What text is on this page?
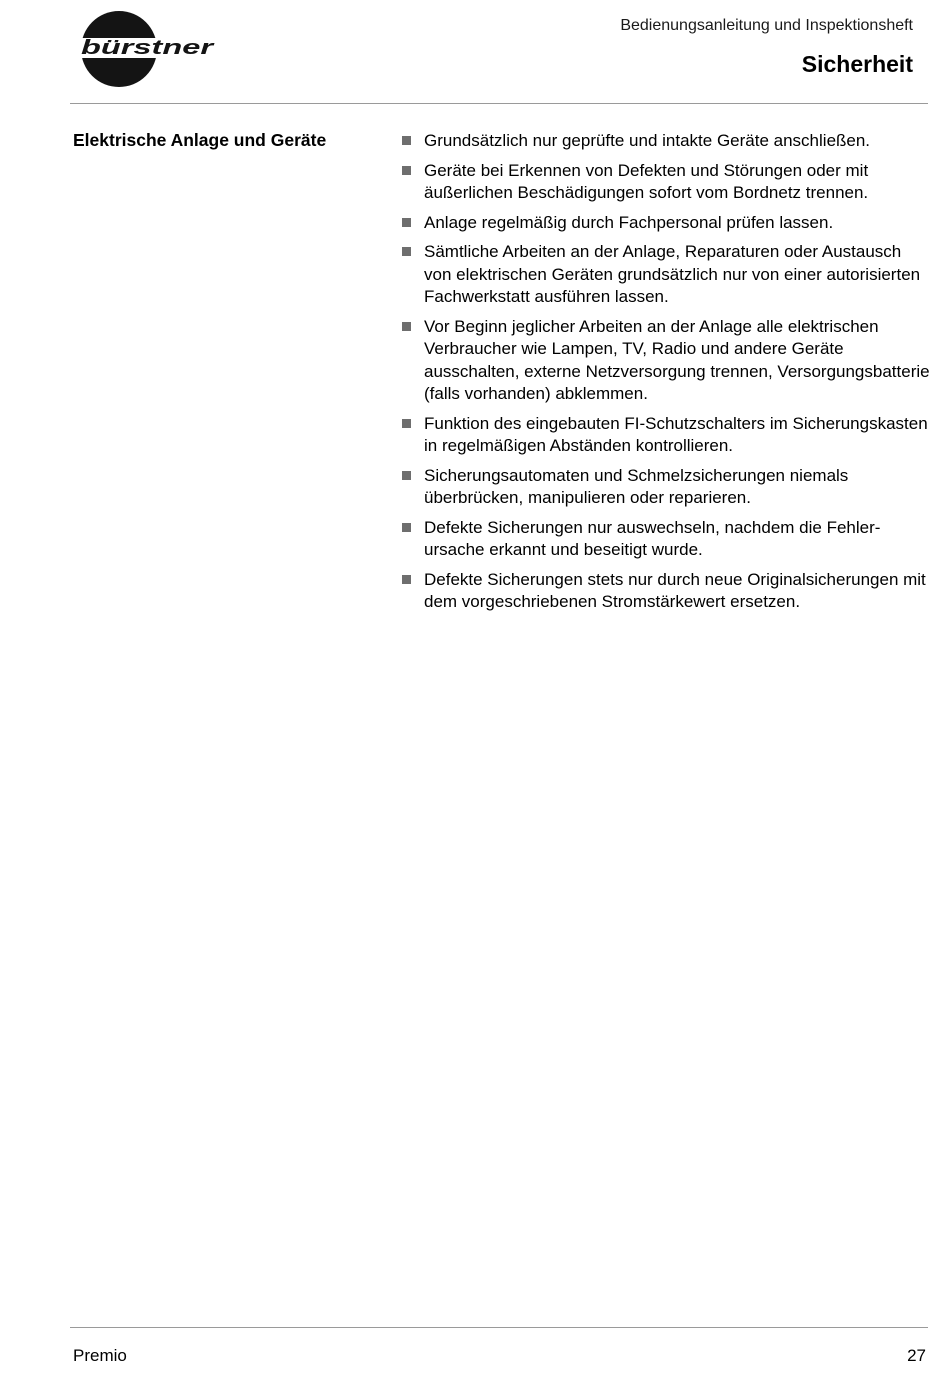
bürstner
Bedienungsanleitung und Inspektionsheft
Sicherheit
Elektrische Anlage und Geräte	Grundsätzlich nur geprüfte und intakte Geräte anschließen.
Geräte bei Erkennen von Defekten und Störungen oder mit äußerlichen Beschädigungen sofort vom Bordnetz trennen.
Anlage regelmäßig durch Fachpersonal prüfen lassen.
Sämtliche Arbeiten an der Anlage, Reparaturen oder Austausch von elektrischen Geräten grundsätzlich nur von einer autorisierten Fachwerkstatt ausführen lassen.
Vor Beginn jeglicher Arbeiten an der Anlage alle elektrischen Verbraucher wie Lampen, TV, Radio und andere Geräte ausschalten, externe Netzversorgung trennen, Versorgungsbatterie (falls vorhanden) abklemmen.
Funktion des eingebauten FI-Schutzschalters im Sicherungskasten in regelmäßigen Abständen kontrollieren.
Sicherungsautomaten und Schmelzsicherungen niemals überbrücken, manipulieren oder reparieren.
Defekte Sicherungen nur auswechseln, nachdem die Fehlerursache erkannt und beseitigt wurde.
Defekte Sicherungen stets nur durch neue Originalsicherungen mit dem vorgeschriebenen Stromstärkewert ersetzen.
Premio	27
